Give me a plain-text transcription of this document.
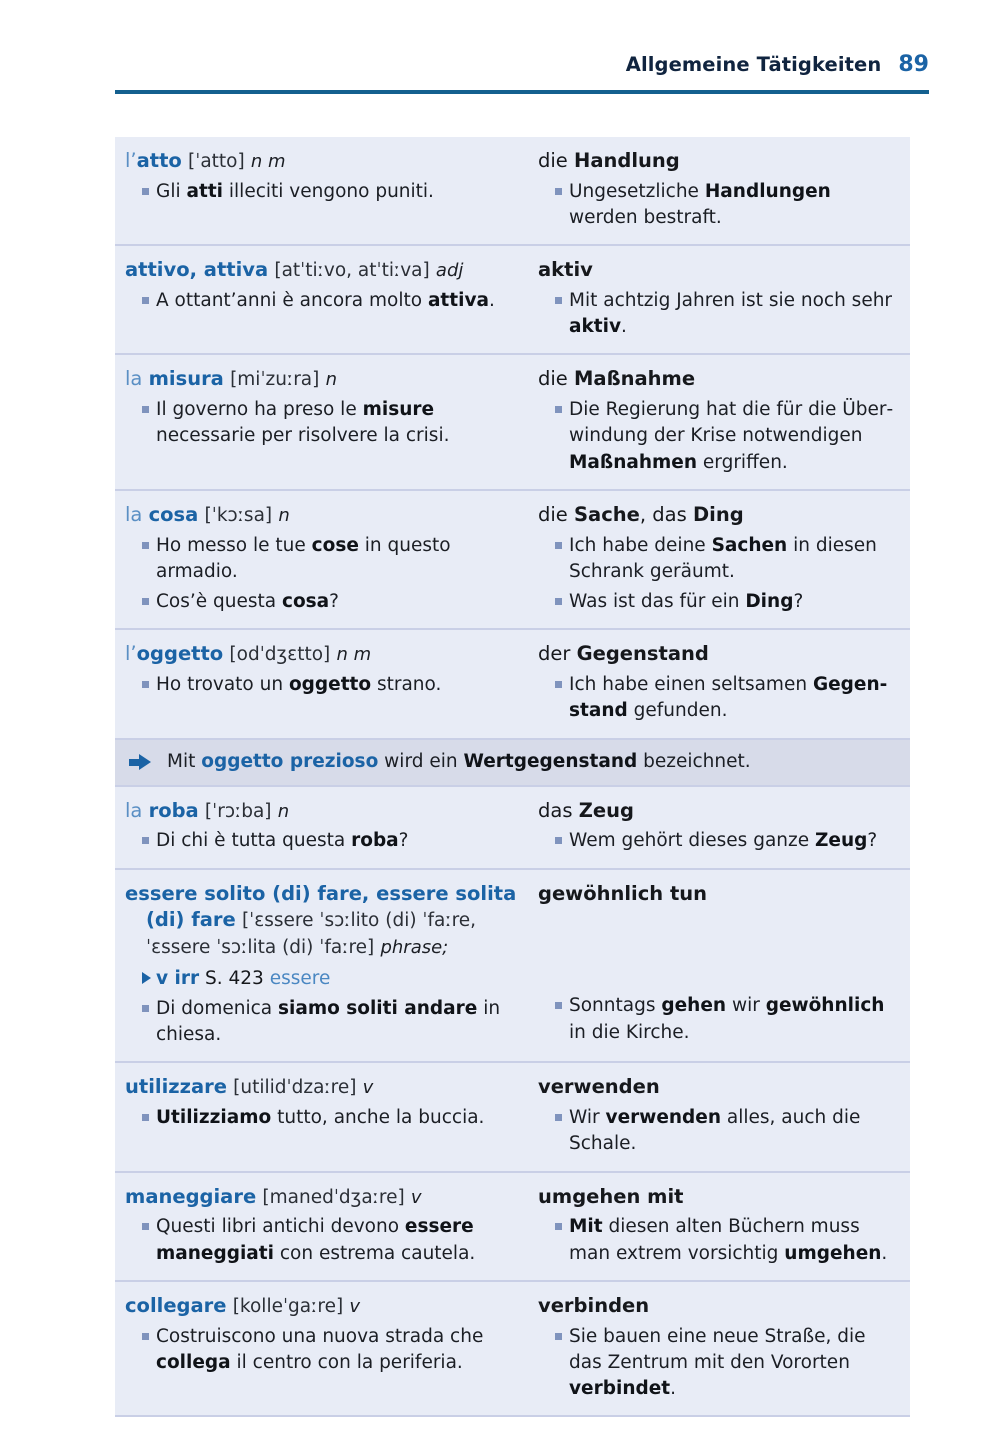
Allgemeine Tätigkeiten 89
l’atto [ˈatto] n m
Gli atti illeciti vengono puniti.
die Handlung
Ungesetzliche Handlungen werden bestraft.
attivo, attiva [atˈtiːvo, atˈtiːva] adj
A ottant’anni è ancora molto attiva.
aktiv
Mit achtzig Jahren ist sie noch sehr aktiv.
la misura [miˈzuːra] n
Il governo ha preso le misure necessarie per risolvere la crisi.
die Maßnahme
Die Regierung hat die für die Überwindung der Krise notwendigen Maßnahmen ergriffen.
la cosa [ˈkɔːsa] n
Ho messo le tue cose in questo armadio.
Cos’è questa cosa?
die Sache, das Ding
Ich habe deine Sachen in diesen Schrank geräumt.
Was ist das für ein Ding?
l’oggetto [odˈdʒɛtto] n m
Ho trovato un oggetto strano.
der Gegenstand
Ich habe einen seltsamen Gegenstand gefunden.
Mit oggetto prezioso wird ein Wertgegenstand bezeichnet.
la roba [ˈrɔːba] n
Di chi è tutta questa roba?
das Zeug
Wem gehört dieses ganze Zeug?
essere solito (di) fare, essere solita (di) fare [ˈɛssere ˈsɔːlito (di) ˈfaːre, ˈɛssere ˈsɔːlita (di) ˈfaːre] phrase;
v irr S. 423 essere
Di domenica siamo soliti andare in chiesa.
gewöhnlich tun
Sonntags gehen wir gewöhnlich in die Kirche.
utilizzare [utilidˈdzaːre] v
Utilizziamo tutto, anche la buccia.
verwenden
Wir verwenden alles, auch die Schale.
maneggiare [manedˈdʒaːre] v
Questi libri antichi devono essere maneggiati con estrema cautela.
umgehen mit
Mit diesen alten Büchern muss man extrem vorsichtig umgehen.
collegare [kolleˈgaːre] v
Costruiscono una nuova strada che collega il centro con la periferia.
verbinden
Sie bauen eine neue Straße, die das Zentrum mit den Vororten verbindet.
